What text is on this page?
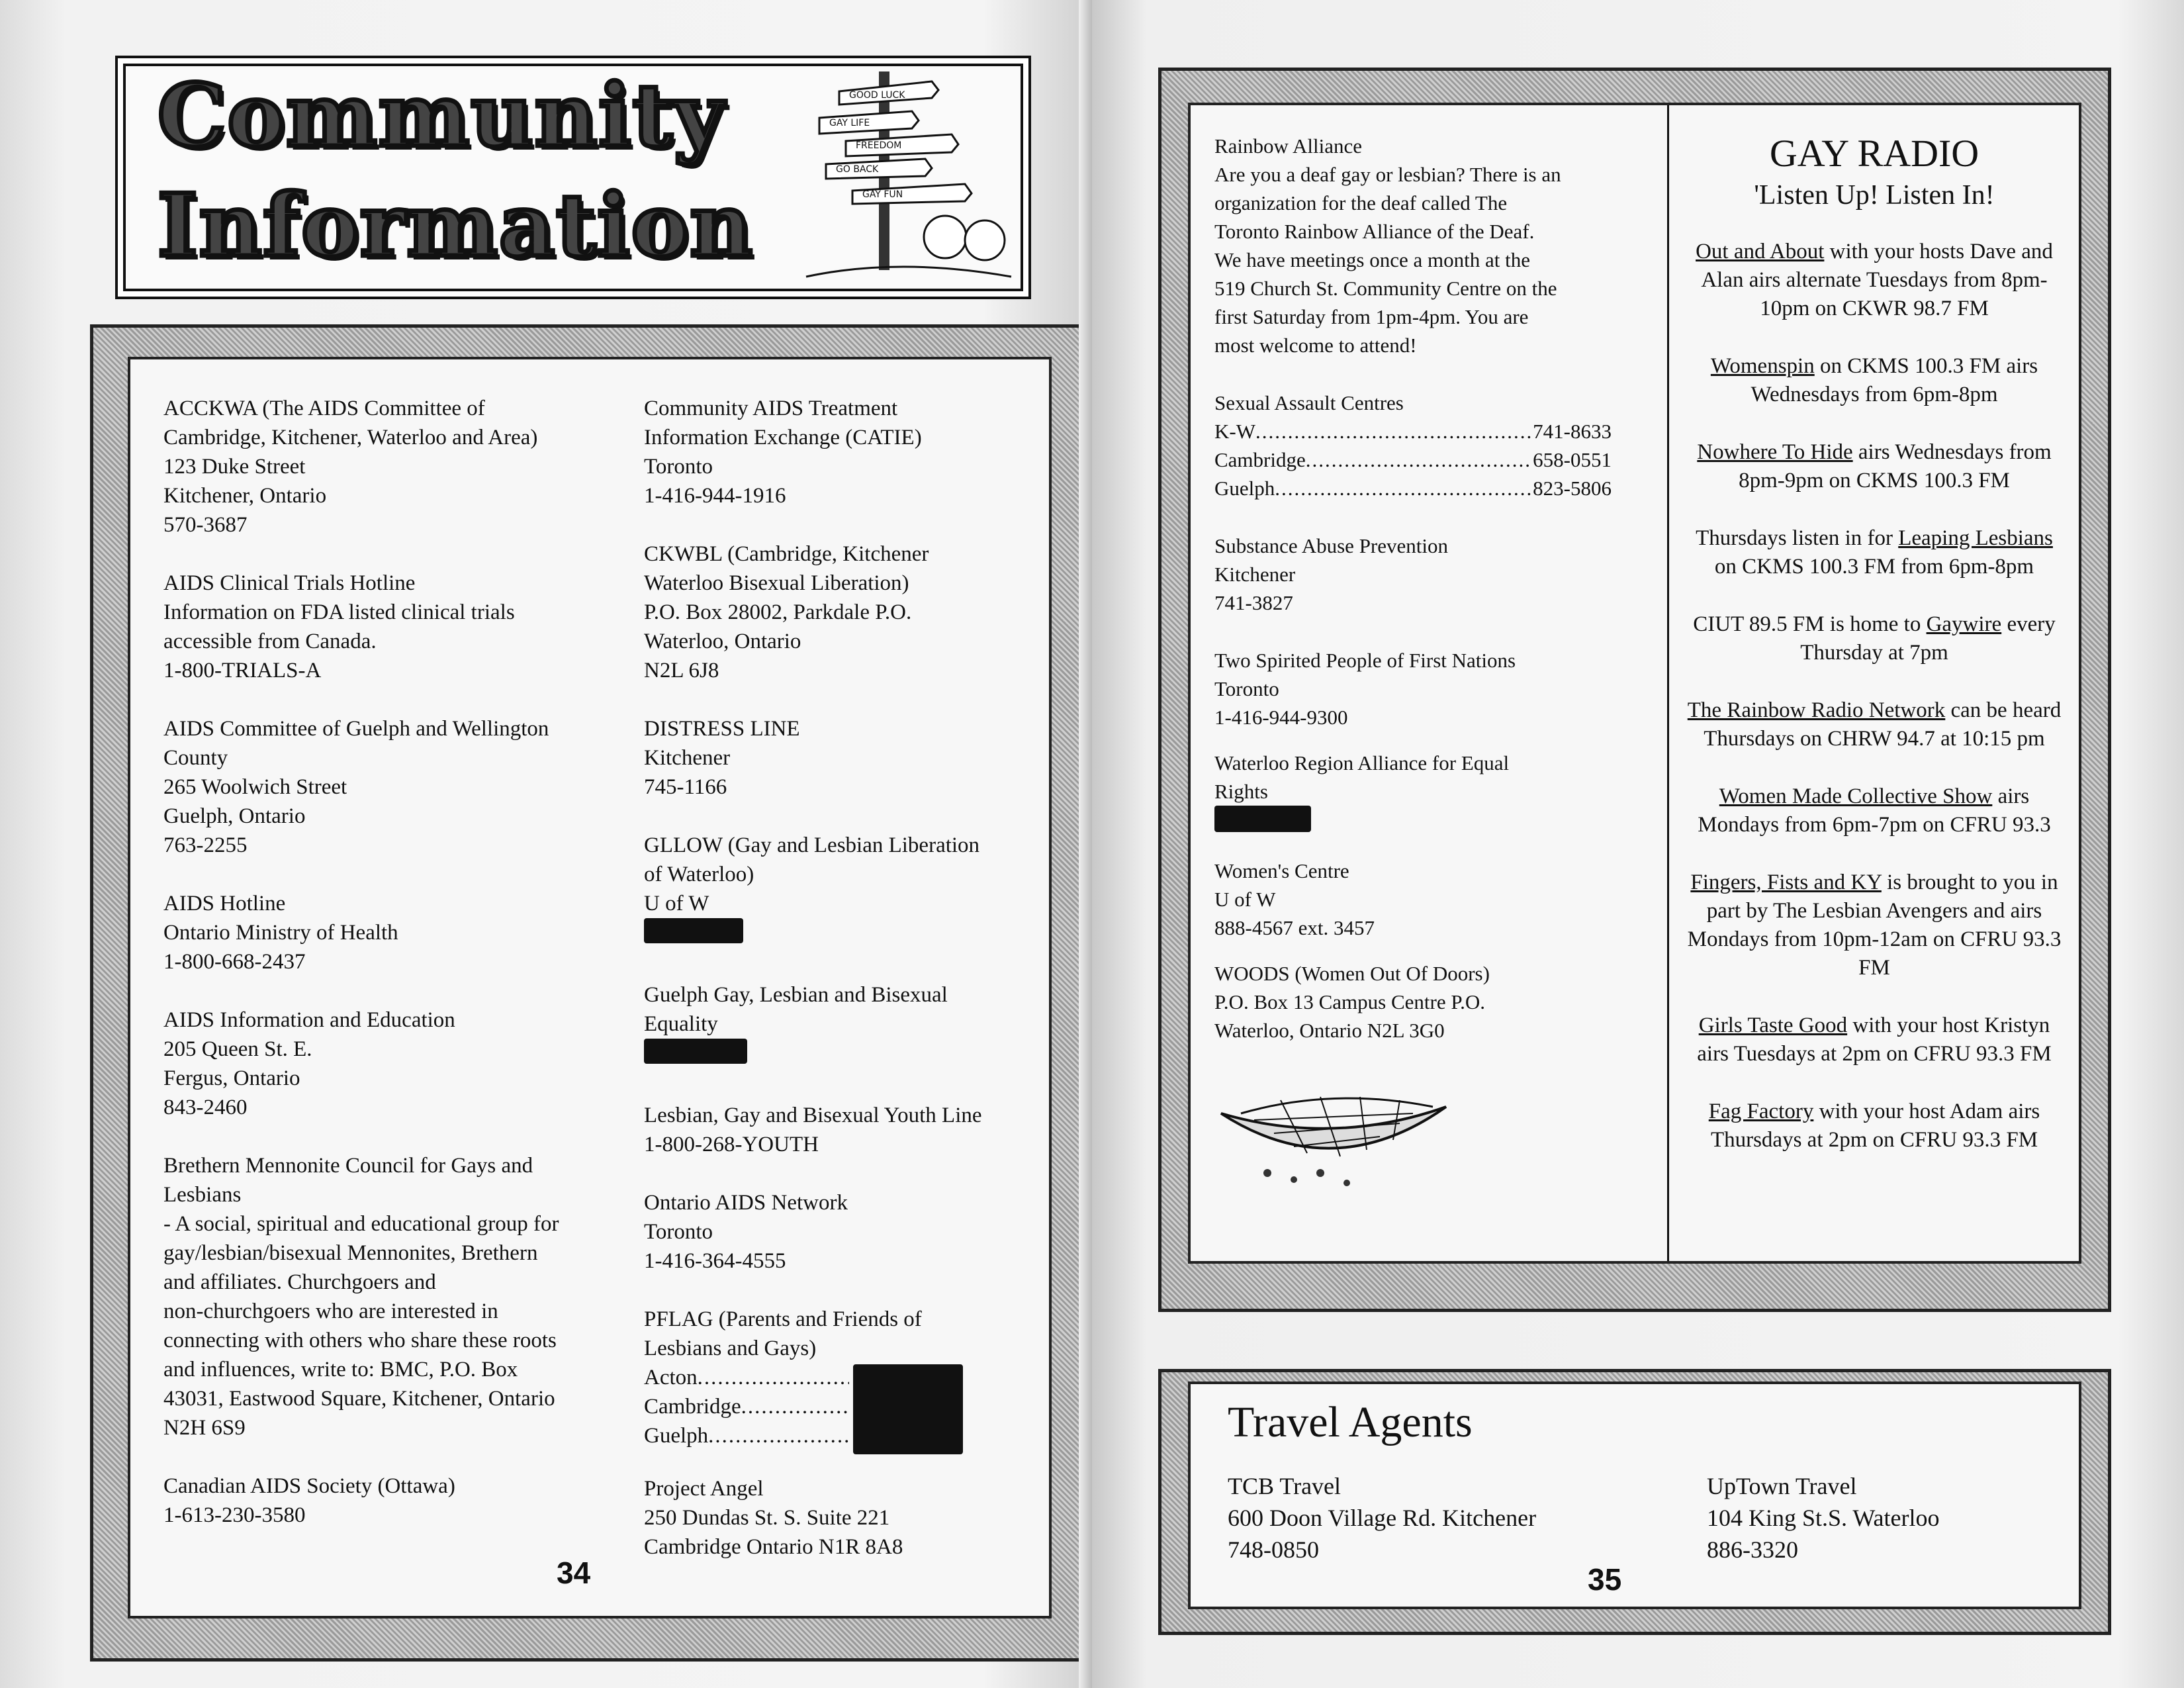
Community
Information
GOOD LUCK
GAY LIFE
FREEDOM
GO BACK
GAY FUN
ACCKWA (The AIDS Committee of
Cambridge, Kitchener, Waterloo and Area)
123 Duke Street
Kitchener, Ontario
570-3687
AIDS Clinical Trials Hotline
Information on FDA listed clinical trials
accessible from Canada.
1-800-TRIALS-A
AIDS Committee of Guelph and Wellington
County
265 Woolwich Street
Guelph, Ontario
763-2255
AIDS Hotline
Ontario Ministry of Health
1-800-668-2437
AIDS Information and Education
205 Queen St. E.
Fergus, Ontario
843-2460
Brethern Mennonite Council for Gays and
Lesbians
- A social, spiritual and educational group for
gay/lesbian/bisexual Mennonites, Brethern
and affiliates. Churchgoers and
non-churchgoers who are interested in
connecting with others who share these roots
and influences, write to: BMC, P.O. Box
43031, Eastwood Square, Kitchener, Ontario
N2H 6S9
Canadian AIDS Society (Ottawa)
1-613-230-3580
Community AIDS Treatment
Information Exchange (CATIE)
Toronto
1-416-944-1916
CKWBL (Cambridge, Kitchener
Waterloo Bisexual Liberation)
P.O. Box 28002, Parkdale P.O.
Waterloo, Ontario
N2L 6J8
DISTRESS LINE
Kitchener
745-1166
GLLOW (Gay and Lesbian Liberation
of Waterloo)
U of W
Guelph Gay, Lesbian and Bisexual
Equality
Lesbian, Gay and Bisexual Youth Line
1-800-268-YOUTH
Ontario AIDS Network
Toronto
1-416-364-4555
PFLAG (Parents and Friends of
Lesbians and Gays)
Acton
.....
Cambridge
.....
Guelph
.....
Project Angel
250 Dundas St. S. Suite 221
Cambridge Ontario N1R 8A8
34
Rainbow Alliance
Are you a deaf gay or lesbian? There is an
organization for the deaf called The
Toronto Rainbow Alliance of the Deaf.
We have meetings once a month at the
519 Church St. Community Centre on the
first Saturday from 1pm-4pm. You are
most welcome to attend!
Sexual Assault Centres
K-W .....	741-8633
Cambridge .....	658-0551
Guelph .....	823-5806
Substance Abuse Prevention
Kitchener
741-3827
Two Spirited People of First Nations
Toronto
1-416-944-9300
Waterloo Region Alliance for Equal
Rights
Women's Centre
U of W
888-4567 ext. 3457
WOODS (Women Out Of Doors)
P.O. Box 13 Campus Centre P.O.
Waterloo, Ontario N2L 3G0
GAY RADIO
'Listen Up! Listen In!
Out and About with your hosts Dave and Alan airs alternate Tuesdays from 8pm-10pm on CKWR 98.7 FM
Womenspin on CKMS 100.3 FM airs Wednesdays from 6pm-8pm
Nowhere To Hide airs Wednesdays from 8pm-9pm on CKMS 100.3 FM
Thursdays listen in for Leaping Lesbians on CKMS 100.3 FM from 6pm-8pm
CIUT 89.5 FM is home to Gaywire every Thursday at 7pm
The Rainbow Radio Network can be heard Thursdays on CHRW 94.7 at 10:15 pm
Women Made Collective Show airs Mondays from 6pm-7pm on CFRU 93.3
Fingers, Fists and KY is brought to you in part by The Lesbian Avengers and airs Mondays from 10pm-12am on CFRU 93.3 FM
Girls Taste Good with your host Kristyn airs Tuesdays at 2pm on CFRU 93.3 FM
Fag Factory with your host Adam airs Thursdays at 2pm on CFRU 93.3 FM
Travel Agents
TCB Travel
600 Doon Village Rd. Kitchener
748-0850
UpTown Travel
104 King St.S. Waterloo
886-3320
35
